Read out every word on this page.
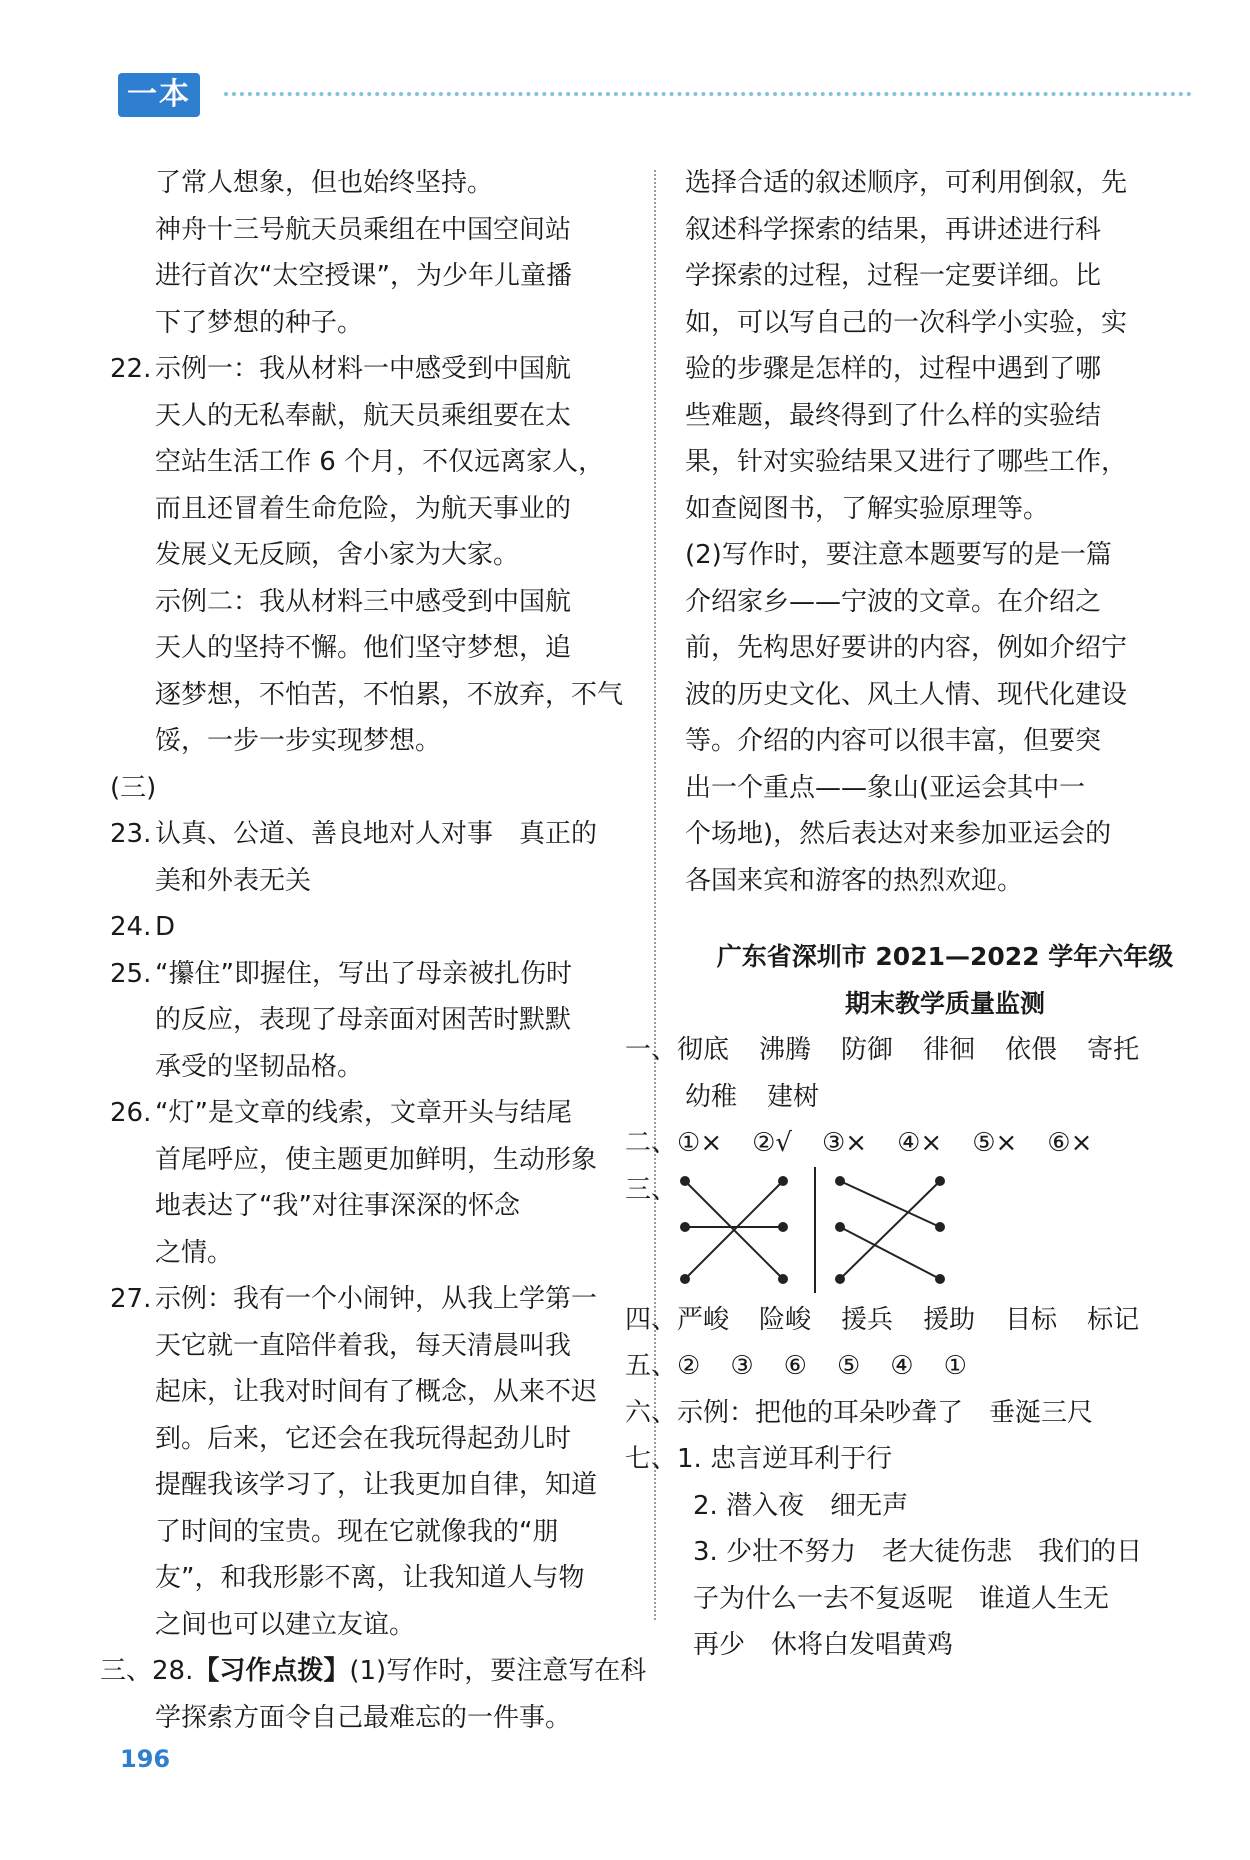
一本
了常人想象，但也始终坚持。
神舟十三号航天员乘组在中国空间站
进行首次“太空授课”，为少年儿童播
下了梦想的种子。
22. 示例一：我从材料一中感受到中国航
天人的无私奉献，航天员乘组要在太
空站生活工作 6 个月，不仅远离家人，
而且还冒着生命危险，为航天事业的
发展义无反顾，舍小家为大家。
示例二：我从材料三中感受到中国航
天人的坚持不懈。他们坚守梦想，追
逐梦想，不怕苦，不怕累，不放弃，不气
馁，一步一步实现梦想。
(三)
23. 认真、公道、善良地对人对事　真正的
美和外表无关
24. D
25. “攥住”即握住，写出了母亲被扎伤时
的反应，表现了母亲面对困苦时默默
承受的坚韧品格。
26. “灯”是文章的线索，文章开头与结尾
首尾呼应，使主题更加鲜明，生动形象
地表达了“我”对往事深深的怀念
之情。
27. 示例：我有一个小闹钟，从我上学第一
天它就一直陪伴着我，每天清晨叫我
起床，让我对时间有了概念，从来不迟
到。后来，它还会在我玩得起劲儿时
提醒我该学习了，让我更加自律，知道
了时间的宝贵。现在它就像我的“朋
友”，和我形影不离，让我知道人与物
之间也可以建立友谊。
三、28.【习作点拨】(1)写作时，要注意写在科
学探索方面令自己最难忘的一件事。
选择合适的叙述顺序，可利用倒叙，先
叙述科学探索的结果，再讲述进行科
学探索的过程，过程一定要详细。比
如，可以写自己的一次科学小实验，实
验的步骤是怎样的，过程中遇到了哪
些难题，最终得到了什么样的实验结
果，针对实验结果又进行了哪些工作，
如查阅图书，了解实验原理等。
(2)写作时，要注意本题要写的是一篇
介绍家乡——宁波的文章。在介绍之
前，先构思好要讲的内容，例如介绍宁
波的历史文化、风土人情、现代化建设
等。介绍的内容可以很丰富，但要突
出一个重点——象山(亚运会其中一
个场地)，然后表达对来参加亚运会的
各国来宾和游客的热烈欢迎。
广东省深圳市 2021—2022 学年六年级
期末教学质量监测
一、彻底 沸腾 防御 徘徊 依偎 寄托
幼稚 建树
二、①× ②√ ③× ④× ⑤× ⑥×
三、
四、严峻 险峻 援兵 援助 目标 标记
五、② ③ ⑥ ⑤ ④ ①
六、示例：把他的耳朵吵聋了　垂涎三尺
七、1. 忠言逆耳利于行
2. 潜入夜　细无声
3. 少壮不努力　老大徒伤悲　我们的日
子为什么一去不复返呢　谁道人生无
再少　休将白发唱黄鸡
196
